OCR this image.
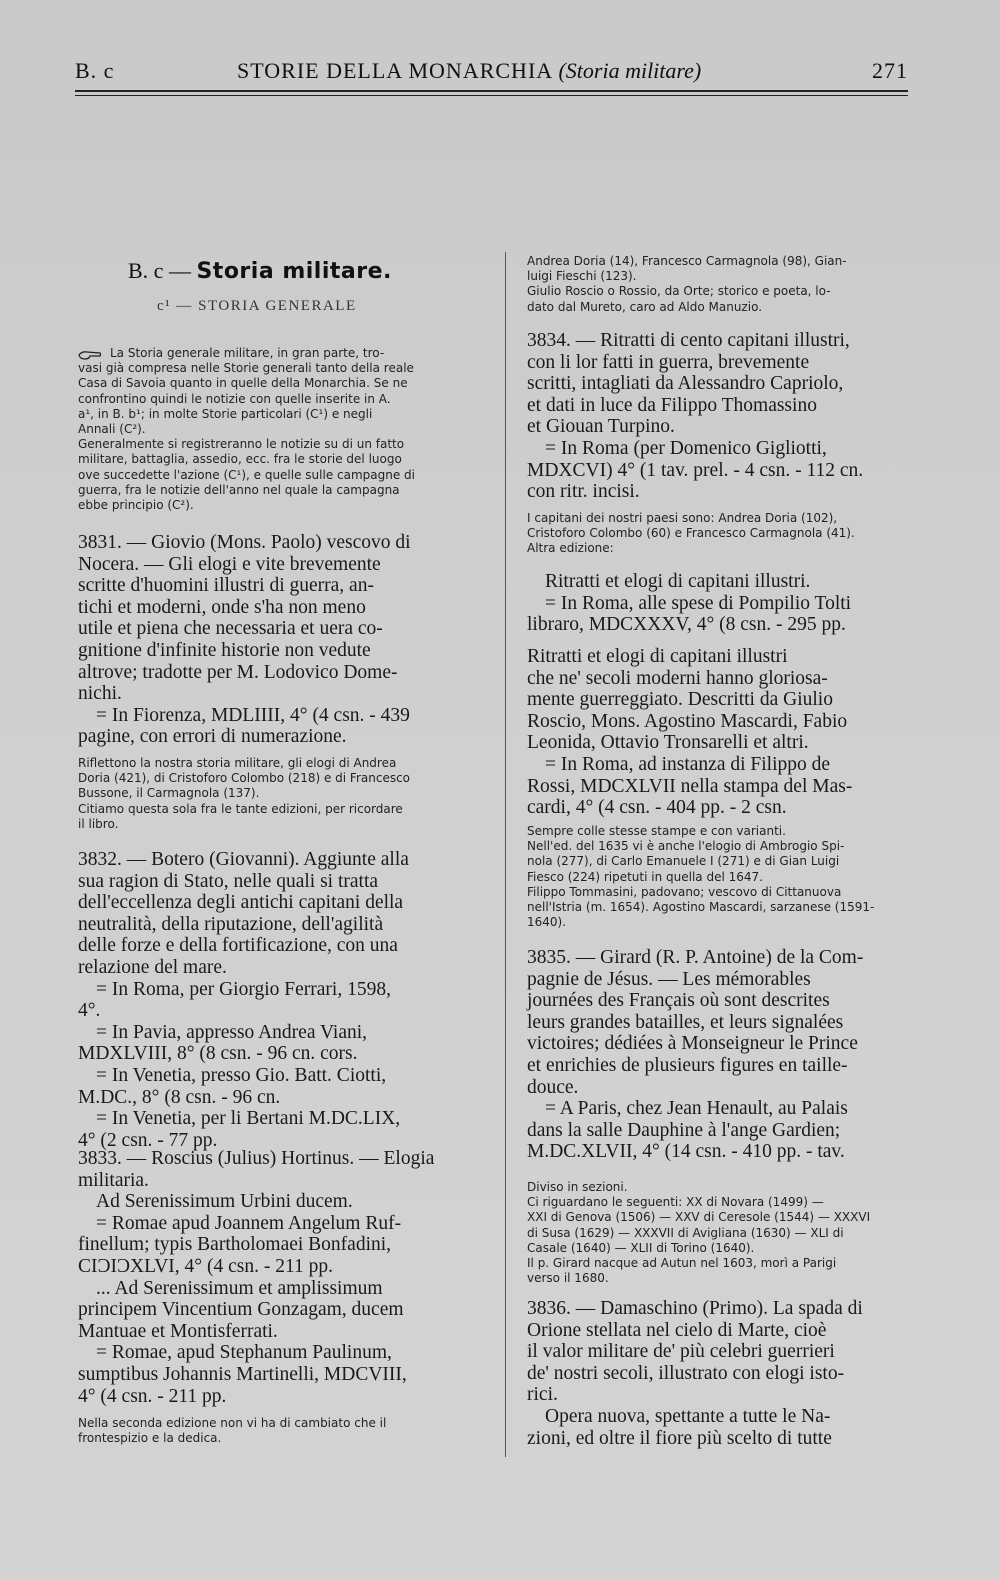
B. c	STORIE DELLA MONARCHIA (Storia militare)	271
B. c — Storia militare.
c¹ — STORIA GENERALE
La Storia generale militare, in gran parte, tro-
vasi già compresa nelle Storie generali tanto della reale
Casa di Savoia quanto in quelle della Monarchia. Se ne
confrontino quindi le notizie con quelle inserite in A.
a¹, in B. b¹; in molte Storie particolari (C¹) e negli
Annali (C²).
Generalmente si registreranno le notizie su di un fatto
militare, battaglia, assedio, ecc. fra le storie del luogo
ove succedette l'azione (C¹), e quelle sulle campagne di
guerra, fra le notizie dell'anno nel quale la campagna
ebbe principio (C²).
3831. — Giovio (Mons. Paolo) vescovo di
Nocera. — Gli elogi e vite brevemente
scritte d'huomini illustri di guerra, an-
tichi et moderni, onde s'ha non meno
utile et piena che necessaria et uera co-
gnitione d'infinite historie non vedute
altrove; tradotte per M. Lodovico Dome-
nichi.
= In Fiorenza, MDLIIII, 4° (4 csn. - 439
pagine, con errori di numerazione.
Riflettono la nostra storia militare, gli elogi di Andrea
Doria (421), di Cristoforo Colombo (218) e di Francesco
Bussone, il Carmagnola (137).
Citiamo questa sola fra le tante edizioni, per ricordare
il libro.
3832. — Botero (Giovanni). Aggiunte alla
sua ragion di Stato, nelle quali si tratta
dell'eccellenza degli antichi capitani della
neutralità, della riputazione, dell'agilità
delle forze e della fortificazione, con una
relazione del mare.
= In Roma, per Giorgio Ferrari, 1598,
4°.
= In Pavia, appresso Andrea Viani,
MDXLVIII, 8° (8 csn. - 96 cn. cors.
= In Venetia, presso Gio. Batt. Ciotti,
M.DC., 8° (8 csn. - 96 cn.
= In Venetia, per li Bertani M.DC.LIX,
4° (2 csn. - 77 pp.
3833. — Roscius (Julius) Hortinus. — Elogia
militaria.
Ad Serenissimum Urbini ducem.
= Romae apud Joannem Angelum Ruf-
finellum; typis Bartholomaei Bonfadini,
CIƆIƆXLVI, 4° (4 csn. - 211 pp.
... Ad Serenissimum et amplissimum
principem Vincentium Gonzagam, ducem
Mantuae et Montisferrati.
= Romae, apud Stephanum Paulinum,
sumptibus Johannis Martinelli, MDCVIII,
4° (4 csn. - 211 pp.
Nella seconda edizione non vi ha di cambiato che il
frontespizio e la dedica.
Andrea Doria (14), Francesco Carmagnola (98), Gian-
luigi Fieschi (123).
Giulio Roscio o Rossio, da Orte; storico e poeta, lo-
dato dal Mureto, caro ad Aldo Manuzio.
3834. — Ritratti di cento capitani illustri,
con li lor fatti in guerra, brevemente
scritti, intagliati da Alessandro Capriolo,
et dati in luce da Filippo Thomassino
et Giouan Turpino.
= In Roma (per Domenico Gigliotti,
MDXCVI) 4° (1 tav. prel. - 4 csn. - 112 cn.
con ritr. incisi.
I capitani dei nostri paesi sono: Andrea Doria (102),
Cristoforo Colombo (60) e Francesco Carmagnola (41).
Altra edizione:
Ritratti et elogi di capitani illustri.
= In Roma, alle spese di Pompilio Tolti
libraro, MDCXXXV, 4° (8 csn. - 295 pp.
Ritratti et elogi di capitani illustri
che ne' secoli moderni hanno gloriosa-
mente guerreggiato. Descritti da Giulio
Roscio, Mons. Agostino Mascardi, Fabio
Leonida, Ottavio Tronsarelli et altri.
= In Roma, ad instanza di Filippo de
Rossi, MDCXLVII nella stampa del Mas-
cardi, 4° (4 csn. - 404 pp. - 2 csn.
Sempre colle stesse stampe e con varianti.
Nell'ed. del 1635 vi è anche l'elogio di Ambrogio Spi-
nola (277), di Carlo Emanuele I (271) e di Gian Luigi
Fiesco (224) ripetuti in quella del 1647.
Filippo Tommasini, padovano; vescovo di Cittanuova
nell'Istria (m. 1654). Agostino Mascardi, sarzanese (1591-
1640).
3835. — Girard (R. P. Antoine) de la Com-
pagnie de Jésus. — Les mémorables
journées des Français où sont descrites
leurs grandes batailles, et leurs signalées
victoires; dédiées à Monseigneur le Prince
et enrichies de plusieurs figures en taille-
douce.
= A Paris, chez Jean Henault, au Palais
dans la salle Dauphine à l'ange Gardien;
M.DC.XLVII, 4° (14 csn. - 410 pp. - tav.
Diviso in sezioni.
Ci riguardano le seguenti: XX di Novara (1499) —
XXI di Genova (1506) — XXV di Ceresole (1544) — XXXVI
di Susa (1629) — XXXVII di Avigliana (1630) — XLI di
Casale (1640) — XLII di Torino (1640).
Il p. Girard nacque ad Autun nel 1603, morì a Parigi
verso il 1680.
3836. — Damaschino (Primo). La spada di
Orione stellata nel cielo di Marte, cioè
il valor militare de' più celebri guerrieri
de' nostri secoli, illustrato con elogi isto-
rici.
Opera nuova, spettante a tutte le Na-
zioni, ed oltre il fiore più scelto di tutte
